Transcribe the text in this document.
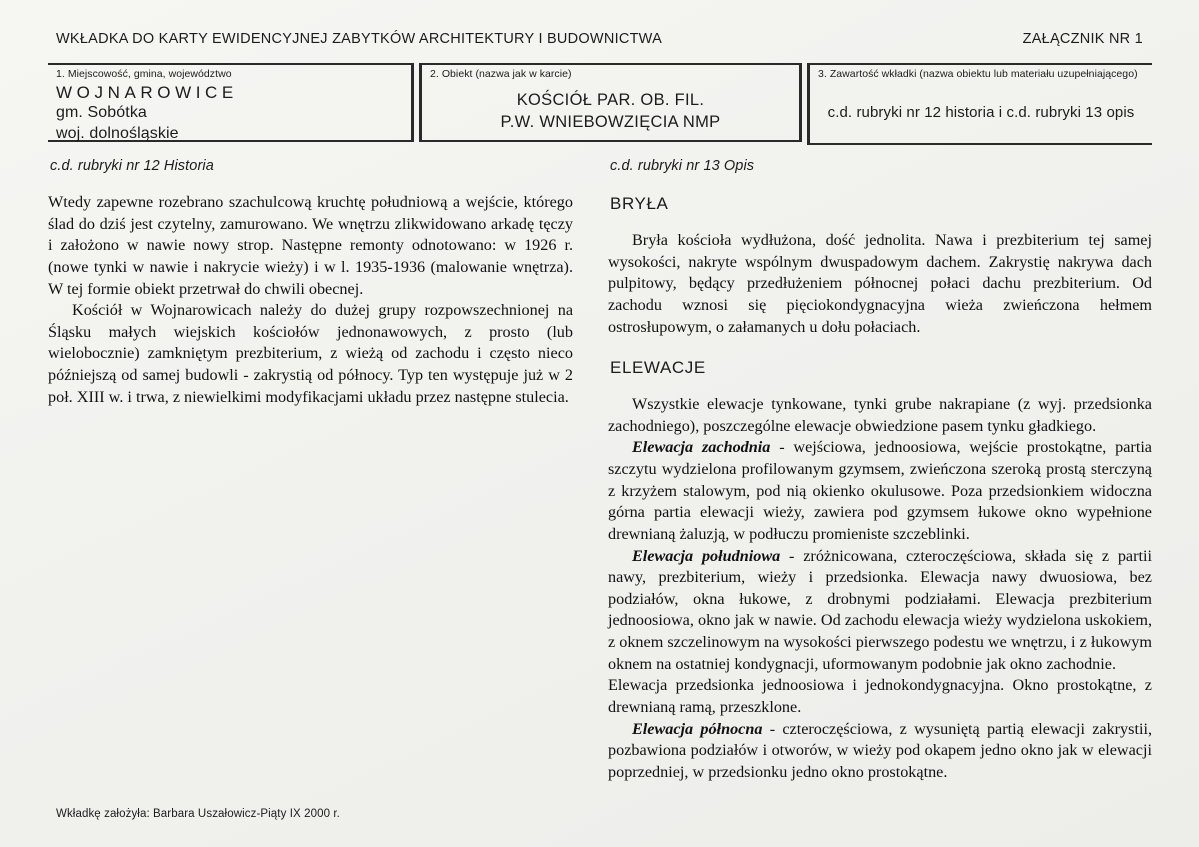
WKŁADKA DO KARTY EWIDENCYJNEJ ZABYTKÓW ARCHITEKTURY I BUDOWNICTWA	ZAŁĄCZNIK NR 1
1. Miejscowość, gmina, województwo
WOJNAROWICE
gm. Sobótka
woj. dolnośląskie
2. Obiekt (nazwa jak w karcie)
KOŚCIÓŁ PAR. OB. FIL.
P.W. WNIEBOWZIĘCIA NMP
3. Zawartość wkładki (nazwa obiektu lub materiału uzupełniającego)
c.d. rubryki nr 12 historia i c.d. rubryki 13 opis
c.d. rubryki nr 12 Historia

Wtedy zapewne rozebrano szachulcową kruchtę południową a wejście, którego ślad do dziś jest czytelny, zamurowano. We wnętrzu zlikwidowano arkadę tęczy i założono w nawie nowy strop. Następne remonty odnotowano: w 1926 r. (nowe tynki w nawie i nakrycie wieży) i w l. 1935-1936 (malowanie wnętrza). W tej formie obiekt przetrwał do chwili obecnej.

Kościół w Wojnarowicach należy do dużej grupy rozpowszechnionej na Śląsku małych wiejskich kościołów jednonawowych, z prosto (lub wielobocznie) zamkniętym prezbiterium, z wieżą od zachodu i często nieco późniejszą od samej budowli - zakrystią od północy. Typ ten występuje już w 2 poł. XIII w. i trwa, z niewielkimi modyfikacjami układu przez następne stulecia.

c.d. rubryki nr 13 Opis
BRYŁA

Bryła kościoła wydłużona, dość jednolita. Nawa i prezbiterium tej samej wysokości, nakryte wspólnym dwuspadowym dachem. Zakrystię nakrywa dach pulpitowy, będący przedłużeniem północnej połaci dachu prezbiterium. Od zachodu wznosi się pięciokondygnacyjna wieża zwieńczona hełmem ostrosłupowym, o załamanych u dołu połaciach.

ELEWACJE

Wszystkie elewacje tynkowane, tynki grube nakrapiane (z wyj. przedsionka zachodniego), poszczególne elewacje obwiedzione pasem tynku gładkiego.

Elewacja zachodnia - wejściowa, jednoosiowa, wejście prostokątne, partia szczytu wydzielona profilowanym gzymsem, zwieńczona szeroką prostą sterczyną z krzyżem stalowym, pod nią okienko okulusowe. Poza przedsionkiem widoczna górna partia elewacji wieży, zawiera pod gzymsem łukowe okno wypełnione drewnianą żaluzją, w podłuczu promieniste szczeblinki.

Elewacja południowa - zróżnicowana, czteroczęściowa, składa się z partii nawy, prezbiterium, wieży i przedsionka. Elewacja nawy dwuosiowa, bez podziałów, okna łukowe, z drobnymi podziałami. Elewacja prezbiterium jednoosiowa, okno jak w nawie. Od zachodu elewacja wieży wydzielona uskokiem, z oknem szczelinowym na wysokości pierwszego podestu we wnętrzu, i z łukowym oknem na ostatniej kondygnacji, uformowanym podobnie jak okno zachodnie.

Elewacja przedsionka jednoosiowa i jednokondygnacyjna. Okno prostokątne, z drewnianą ramą, przeszklone.

Elewacja północna - czteroczęściowa, z wysuniętą partią elewacji zakrystii, pozbawiona podziałów i otworów, w wieży pod okapem jedno okno jak w elewacji poprzedniej, w przedsionku jedno okno prostokątne.

Wkładkę założyła: Barbara Uszałowicz-Piąty IX 2000 r.
